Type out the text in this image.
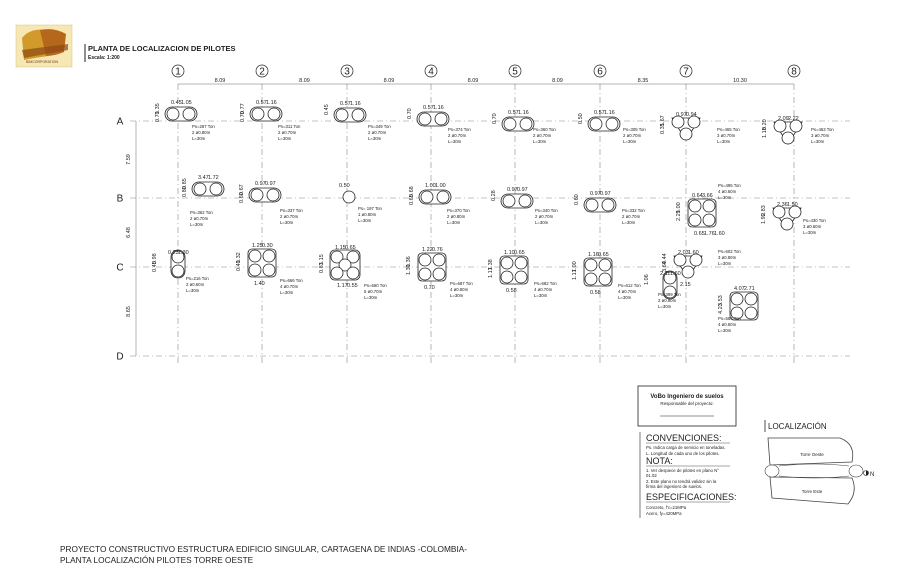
BIMCORPORATION
PLANTA DE LOCALIZACION DE PILOTES
Escala: 1:200
1	2	3	4	5	6	7	8
8.09	8.09	8.09	8.09	8.09	8.35	10.30
A
B
C
D
7.59
6.48
8.65
0.45 1.05
1.35
0.70
0.57 1.16
0.77
0.70
0.57 1.16
0.45	0.57 1.16
0.70	0.57 1.16
0.70
0.57 1.16
0.50	0.97 0.94
1.67
0.35
2.09 2.22
0.20
1.18
3.47 1.72
0.85
0.80
0.97 0.97
0.67
0.60
0.50	1.00 1.00
0.68
0.65
0.97 0.97
0.28	0.97 0.97
0.60	0.64 3.66
1.00
2.29
0.65 1.76 1.60
2.36 1.50
2.83
1.90
0.23 1.30
0.98
0.45
1.25 0.30
1.32
0.40
1.40
1.15 0.65
1.15
0.83
1.17 0.55
1.22 0.76
1.36
1.30
0.70
1.10 0.65
1.38
1.17
0.58
1.16 0.65
1.00
1.17
0.58
2.03 1.60
0.44
3.64
2.15
2.11 1.60
1.06
4.07 2.71
3.53
4.23
Ps=287 Ton
2 ø0.80m
L=30m
Ps=311 Ton
2 ø0.70m
L=30m
Ps=349 Ton
2 ø0.70m
L=30m
Ps=374 Ton
2 ø0.70m
L=30m
Ps=360 Ton
2 ø0.70m
L=30m
Ps=305 Ton
2 ø0.70m
L=30m
Ps=465 Ton
3 ø0.70m
L=30m
Ps=463 Ton
3 ø0.70m
L=30m
Ps=362 Ton
2 ø0.70m
L=30m
Ps=337 Ton
2 ø0.70m
L=30m
Ps= 197 Ton
1 ø0.80m
L=30m
Ps=370 Ton
2 ø0.80m
L=30m
Ps=340 Ton
2 ø0.70m
L=30m
Ps=332 Ton
2 ø0.70m
L=30m
Ps=495 Ton
4 ø0.60m
L=30m
Ps=430 Ton
3 ø0.60m
L=30m
Ps=216 Ton
2 ø0.60m
L=30m
Ps=666 Ton
4 ø0.70m
L=30m
Ps=660 Ton
5 ø0.70m
L=30m
Ps=687 Ton
4 ø0.80m
L=30m
Ps=682 Ton
4 ø0.70m
L=30m
Ps=612 Ton
4 ø0.70m
L=30m
Ps=602 Ton
3 ø0.80m
L=30m
Ps=399 Ton
2 ø0.80m
L=30m
Ps=584 Ton
4 ø0.60m
L=30m
VoBo Ingeniero de suelos
Responsable del proyecto:
CONVENCIONES:
Ps. Indica carga de servicio en toneladas.
L. Longitud de cada uno de los pilotes.
NOTA:
1. Ver despiece de pilotes en plano N°
01.02
2. Este plano no tendrá validez sin la
firma del ingeniero de suelos.
ESPECIFICACIONES:
Concreto, f'c=21MPa
Acero, fy=420MPa
LOCALIZACIÓN
Torre Oeste
Torre Este
N
PROYECTO CONSTRUCTIVO ESTRUCTURA EDIFICIO SINGULAR, CARTAGENA DE INDIAS -COLOMBIA-
PLANTA LOCALIZACIÓN PILOTES TORRE OESTE
